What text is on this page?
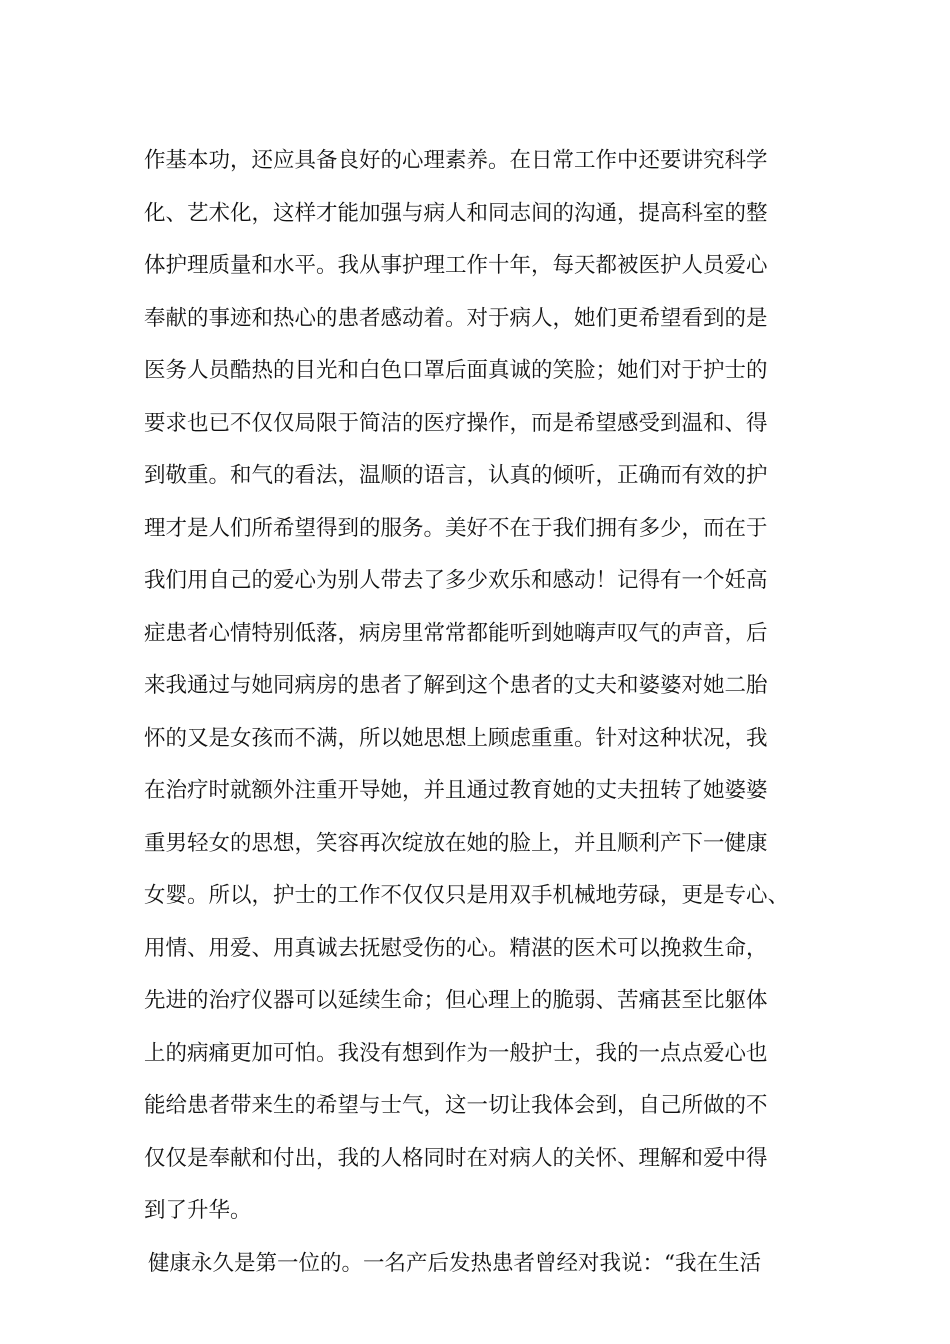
作基本功，还应具备良好的心理素养。在日常工作中还要讲究科学
化、艺术化，这样才能加强与病人和同志间的沟通，提高科室的整
体护理质量和水平。我从事护理工作十年，每天都被医护人员爱心
奉献的事迹和热心的患者感动着。对于病人，她们更希望看到的是
医务人员酷热的目光和白色口罩后面真诚的笑脸；她们对于护士的
要求也已不仅仅局限于简洁的医疗操作，而是希望感受到温和、得
到敬重。和气的看法，温顺的语言，认真的倾听，正确而有效的护
理才是人们所希望得到的服务。美好不在于我们拥有多少，而在于
我们用自己的爱心为别人带去了多少欢乐和感动！记得有一个妊高
症患者心情特别低落，病房里常常都能听到她嗨声叹气的声音，后
来我通过与她同病房的患者了解到这个患者的丈夫和婆婆对她二胎
怀的又是女孩而不满，所以她思想上顾虑重重。针对这种状况，我
在治疗时就额外注重开导她，并且通过教育她的丈夫扭转了她婆婆
重男轻女的思想，笑容再次绽放在她的脸上，并且顺利产下一健康
女婴。所以，护士的工作不仅仅只是用双手机械地劳碌，更是专心、
用情、用爱、用真诚去抚慰受伤的心。精湛的医术可以挽救生命，
先进的治疗仪器可以延续生命；但心理上的脆弱、苦痛甚至比躯体
上的病痛更加可怕。我没有想到作为一般护士，我的一点点爱心也
能给患者带来生的希望与士气，这一切让我体会到，自己所做的不
仅仅是奉献和付出，我的人格同时在对病人的关怀、理解和爱中得
到了升华。
健康永久是第一位的。一名产后发热患者曾经对我说：“我在生活
